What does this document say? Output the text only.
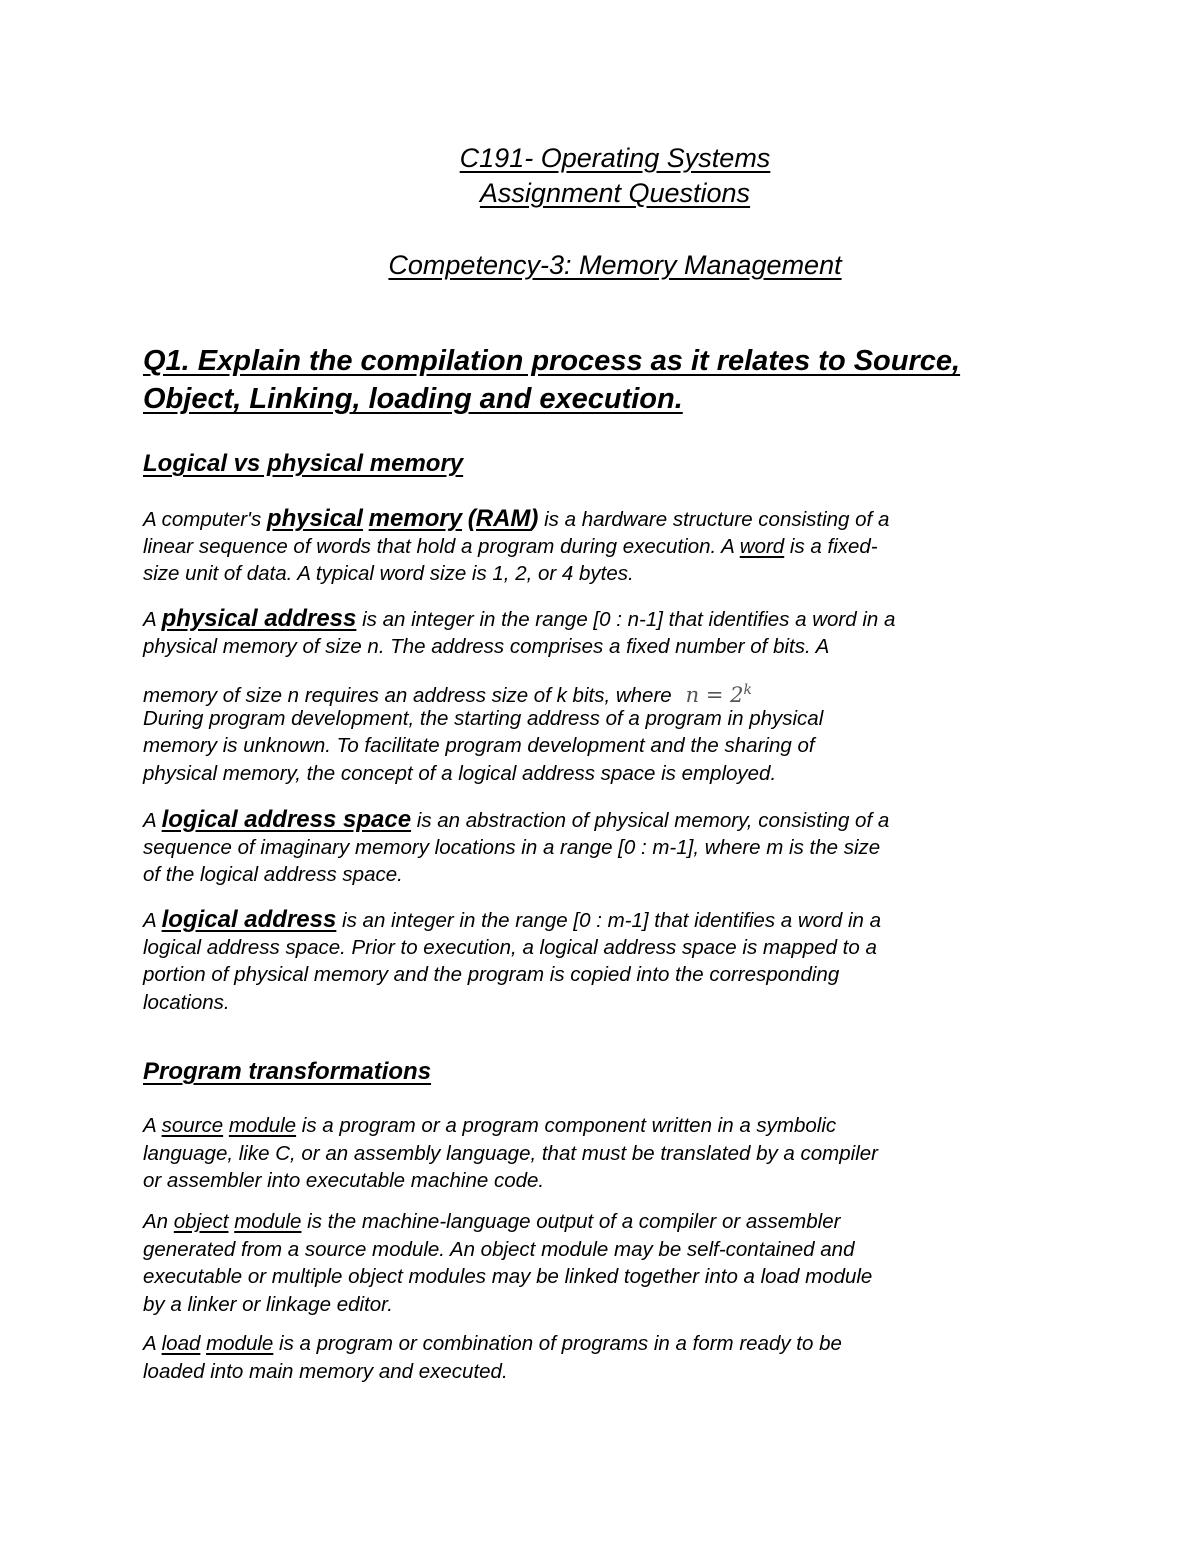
C191- Operating Systems
Assignment Questions
Competency-3: Memory Management
Q1. Explain the compilation process as it relates to Source,
Object, Linking, loading and execution.
Logical vs physical memory
A computer's physical memory (RAM) is a hardware structure consisting of a
linear sequence of words that hold a program during execution. A word is a fixed-
size unit of data. A typical word size is 1, 2, or 4 bytes.
A physical address is an integer in the range [0 : n-1] that identifies a word in a
physical memory of size n. The address comprises a fixed number of bits. A
memory of size n requires an address size of k bits, where $n = 2^k$
During program development, the starting address of a program in physical
memory is unknown. To facilitate program development and the sharing of
physical memory, the concept of a logical address space is employed.
A logical address space is an abstraction of physical memory, consisting of a
sequence of imaginary memory locations in a range [0 : m-1], where m is the size
of the logical address space.
A logical address is an integer in the range [0 : m-1] that identifies a word in a
logical address space. Prior to execution, a logical address space is mapped to a
portion of physical memory and the program is copied into the corresponding
locations.
Program transformations
A source module is a program or a program component written in a symbolic
language, like C, or an assembly language, that must be translated by a compiler
or assembler into executable machine code.
An object module is the machine-language output of a compiler or assembler
generated from a source module. An object module may be self-contained and
executable or multiple object modules may be linked together into a load module
by a linker or linkage editor.
A load module is a program or combination of programs in a form ready to be
loaded into main memory and executed.
